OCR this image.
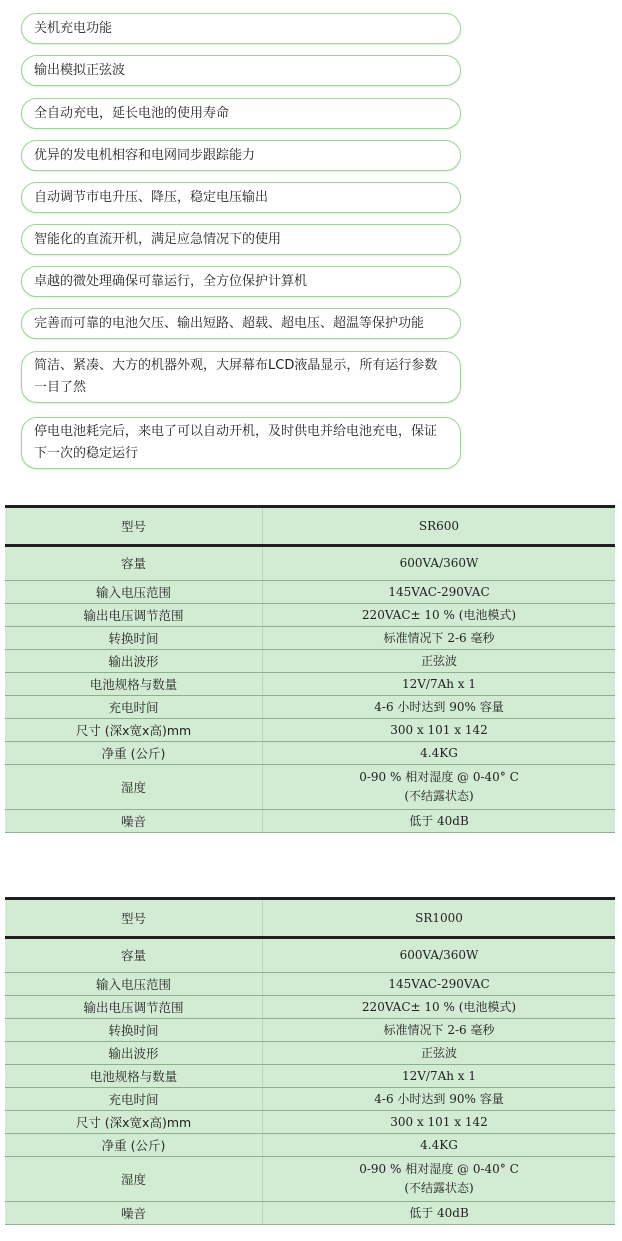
关机充电功能
输出模拟正弦波
全自动充电，延长电池的使用寿命
优异的发电机相容和电网同步跟踪能力
自动调节市电升压、降压，稳定电压输出
智能化的直流开机，满足应急情况下的使用
卓越的微处理确保可靠运行，全方位保护计算机
完善而可靠的电池欠压、输出短路、超载、超电压、超温等保护功能
简洁、紧凑、大方的机器外观，大屏幕布LCD液晶显示，所有运行参数一目了然
停电电池耗完后，来电了可以自动开机，及时供电并给电池充电，保证下一次的稳定运行
型号	SR600
容量	600VA/360W
输入电压范围	145VAC-290VAC
输出电压调节范围	220VAC± 10 % (电池模式)
转换时间	标准情况下 2-6 毫秒
输出波形	正弦波
电池规格与数量	12V/7Ah x 1
充电时间	4-6 小时达到 90% 容量
尺寸 (深x宽x高)mm	300 x 101 x 142
净重 (公斤)	4.4KG
湿度	0-90 % 相对湿度 @ 0-40° C
(不结露状态)

噪音	低于 40dB
型号	SR1000
容量	600VA/360W
输入电压范围	145VAC-290VAC
输出电压调节范围	220VAC± 10 % (电池模式)
转换时间	标准情况下 2-6 毫秒
输出波形	正弦波
电池规格与数量	12V/7Ah x 1
充电时间	4-6 小时达到 90% 容量
尺寸 (深x宽x高)mm	300 x 101 x 142
净重 (公斤)	4.4KG
湿度	0-90 % 相对湿度 @ 0-40° C
(不结露状态)

噪音	低于 40dB
